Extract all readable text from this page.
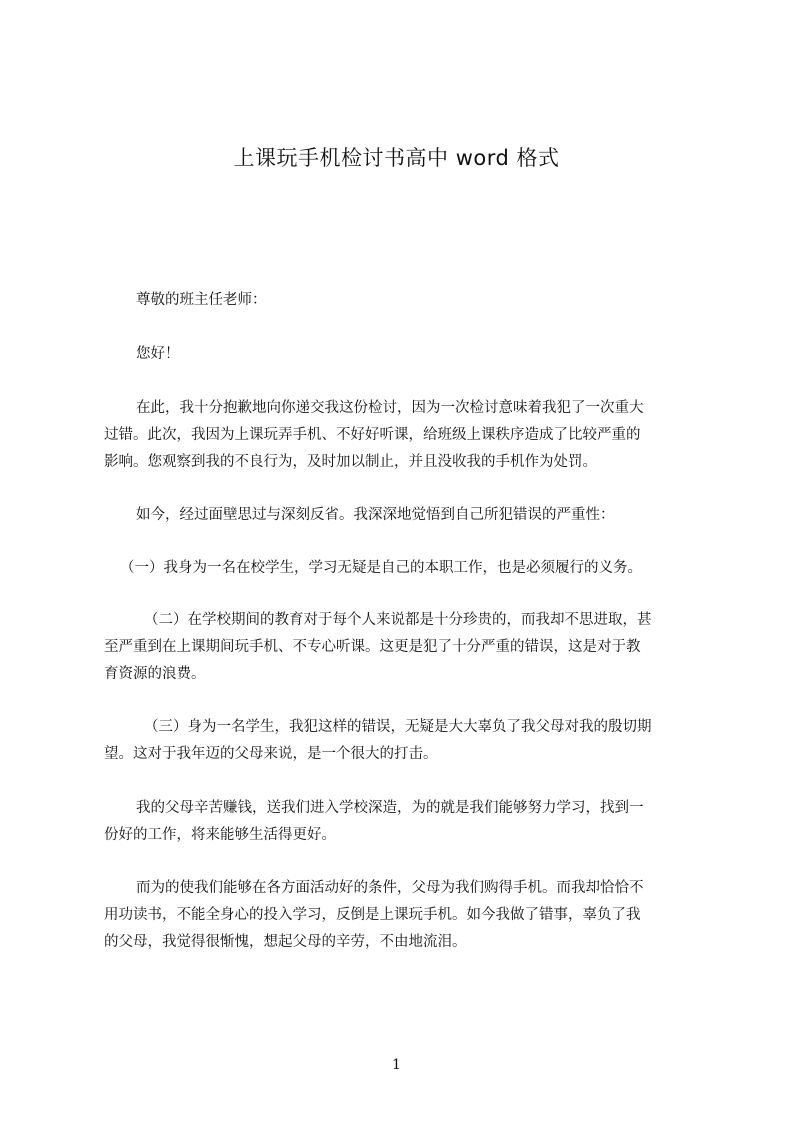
上课玩手机检讨书高中 word 格式
尊敬的班主任老师：
您好！
在此，我十分抱歉地向你递交我这份检讨，因为一次检讨意味着我犯了一次重大
过错。此次，我因为上课玩弄手机、不好好听课，给班级上课秩序造成了比较严重的
影响。您观察到我的不良行为，及时加以制止，并且没收我的手机作为处罚。
如今，经过面壁思过与深刻反省。我深深地觉悟到自己所犯错误的严重性：
（一）我身为一名在校学生，学习无疑是自己的本职工作，也是必须履行的义务。
（二）在学校期间的教育对于每个人来说都是十分珍贵的，而我却不思进取，甚
至严重到在上课期间玩手机、不专心听课。这更是犯了十分严重的错误，这是对于教
育资源的浪费。
（三）身为一名学生，我犯这样的错误，无疑是大大辜负了我父母对我的殷切期
望。这对于我年迈的父母来说，是一个很大的打击。
我的父母辛苦赚钱，送我们进入学校深造，为的就是我们能够努力学习，找到一
份好的工作，将来能够生活得更好。
而为的使我们能够在各方面活动好的条件，父母为我们购得手机。而我却恰恰不
用功读书，不能全身心的投入学习，反倒是上课玩手机。如今我做了错事，辜负了我
的父母，我觉得很惭愧，想起父母的辛劳，不由地流泪。
1
